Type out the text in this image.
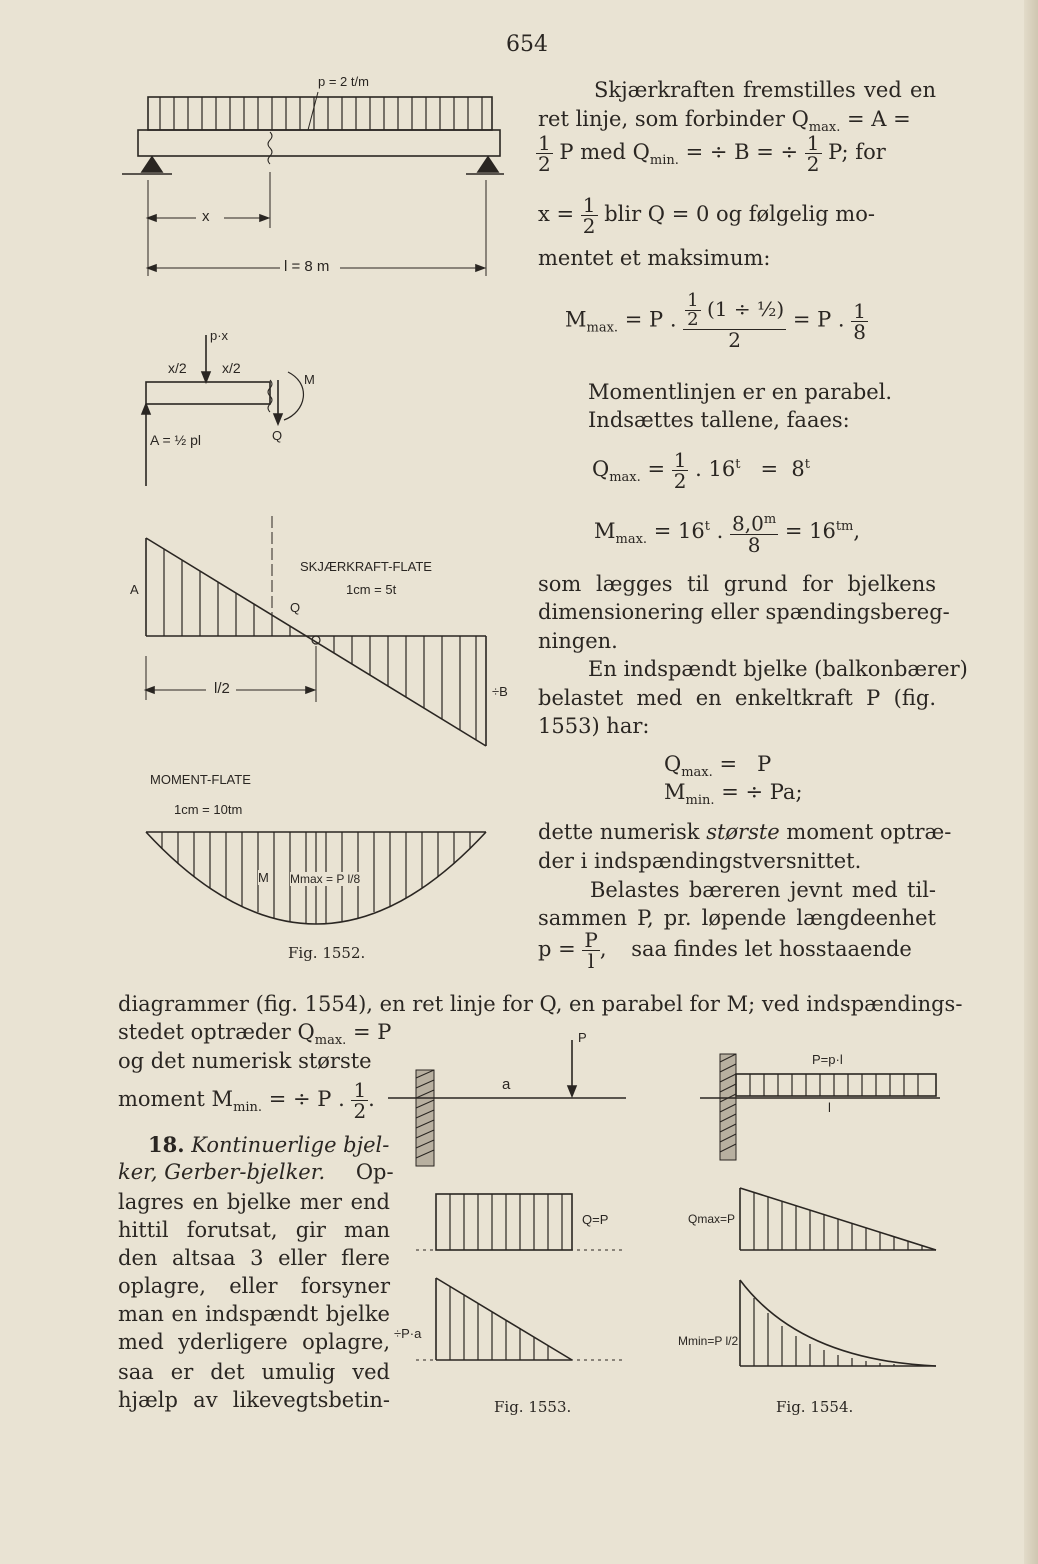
654
Skjærkraften fremstilles ved en
ret linje, som forbinder $Q_{max.} = A$ =
$\frac{1}{2}$ P med $Q_{min.}$ = ÷ B = ÷ $\frac{1}{2} P$; for
$x = \frac{1}{2}$ blir Q = 0 og følgelig mo-
mentet et maksimum:
$M_{max.} = P$ . $\frac{\frac{1}{2} (1 \div \frac{1}{2})}{2} = P$ . $\frac{1}{8}$
Momentlinjen er en parabel.
Indsættes tallene, faaes:
$Q_{max.} = \frac{1}{2}$ . 16$^t$   =  8$^t$
$M_{max.} = 16^t$ . $\frac{8,0^m}{8} = 16^{tm}$,
som lægges til grund for bjelkens
dimensionering eller spændingsbereg-
ningen.
En indspændt bjelke (balkonbærer)
belastet med en enkeltkraft P (fig.
1553) har:
$Q_{max.} = P$
$M_{min.}$ = ÷ Pa;
dette numerisk største moment optræ-
der i indspændingstversnittet.
Belastes bæreren jevnt med til-
sammen P, pr. løpende længdeenhet
$p = \frac{P}{l}$ , saa findes let hosstaaende
diagrammer (fig. 1554), en ret linje for Q, en parabel for M; ved indspændings-
stedet optræder $Q_{max.} = P$
og det numerisk største
moment $M_{min.}$ = ÷ P . $\frac{1}{2}$ .
18. Kontinuerlige bjel-
ker, Gerber-bjelker. Op-
lagres en bjelke mer end
hittil forutsat, gir man
den altsaa 3 eller flere
oplagre, eller forsyner
man en indspændt bjelke
med yderligere oplagre,
saa er det umulig ved
hjælp av likevegtsbetin-
p = 2 t/m
x
l = 8 m
p·x
x/2	x/2
M
Q
A = ½ pl
SKJÆRKRAFT-FLATE
1cm = 5t
A
Q
l/2	÷B
MOMENT-FLATE
1cm = 10tm
M Mmax = P l/8
Fig. 1552.
P
a
Q=P
÷P·a
Fig. 1553.
P=p·l
l
Qmax=P
Mmin=P l/2
Fig. 1554.
